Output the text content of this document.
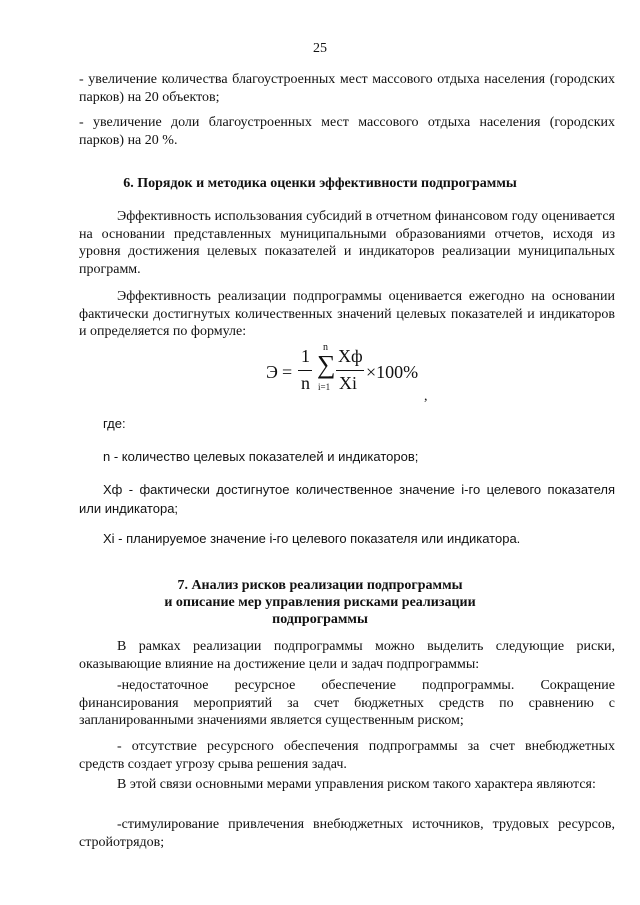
25
- увеличение количества благоустроенных мест массового отдыха населения (городских парков) на 20 объектов;
- увеличение доли благоустроенных мест массового отдыха населения (городских парков) на 20 %.
6. Порядок и методика оценки эффективности подпрограммы
Эффективность использования субсидий в отчетном финансовом году оценивается на основании представленных муниципальными образованиями отчетов, исходя из уровня достижения целевых показателей и индикаторов реализации муниципальных программ.
Эффективность реализации подпрограммы оценивается ежегодно на основании фактически достигнутых количественных значений целевых показателей и индикаторов и определяется по формуле:
Э =
1
n
n
∑
i=1
Хф
Хi
×100%
,
где:
n - количество целевых показателей и индикаторов;
Хф - фактически достигнутое количественное значение i-го целевого показателя или индикатора;
Хi - планируемое значение i-го целевого показателя или индикатора.
7. Анализ рисков реализации подпрограммы
и описание мер управления рисками реализации
подпрограммы
В рамках реализации подпрограммы можно выделить следующие риски, оказывающие влияние на достижение цели и задач подпрограммы:
-недостаточное ресурсное обеспечение подпрограммы. Сокращение финансирования мероприятий за счет бюджетных средств по сравнению с запланированными значениями является существенным риском;
- отсутствие ресурсного обеспечения подпрограммы за счет внебюджетных средств создает угрозу срыва решения задач.
В этой связи основными мерами управления риском такого характера являются:
-стимулирование привлечения внебюджетных источников, трудовых ресурсов, стройотрядов;
